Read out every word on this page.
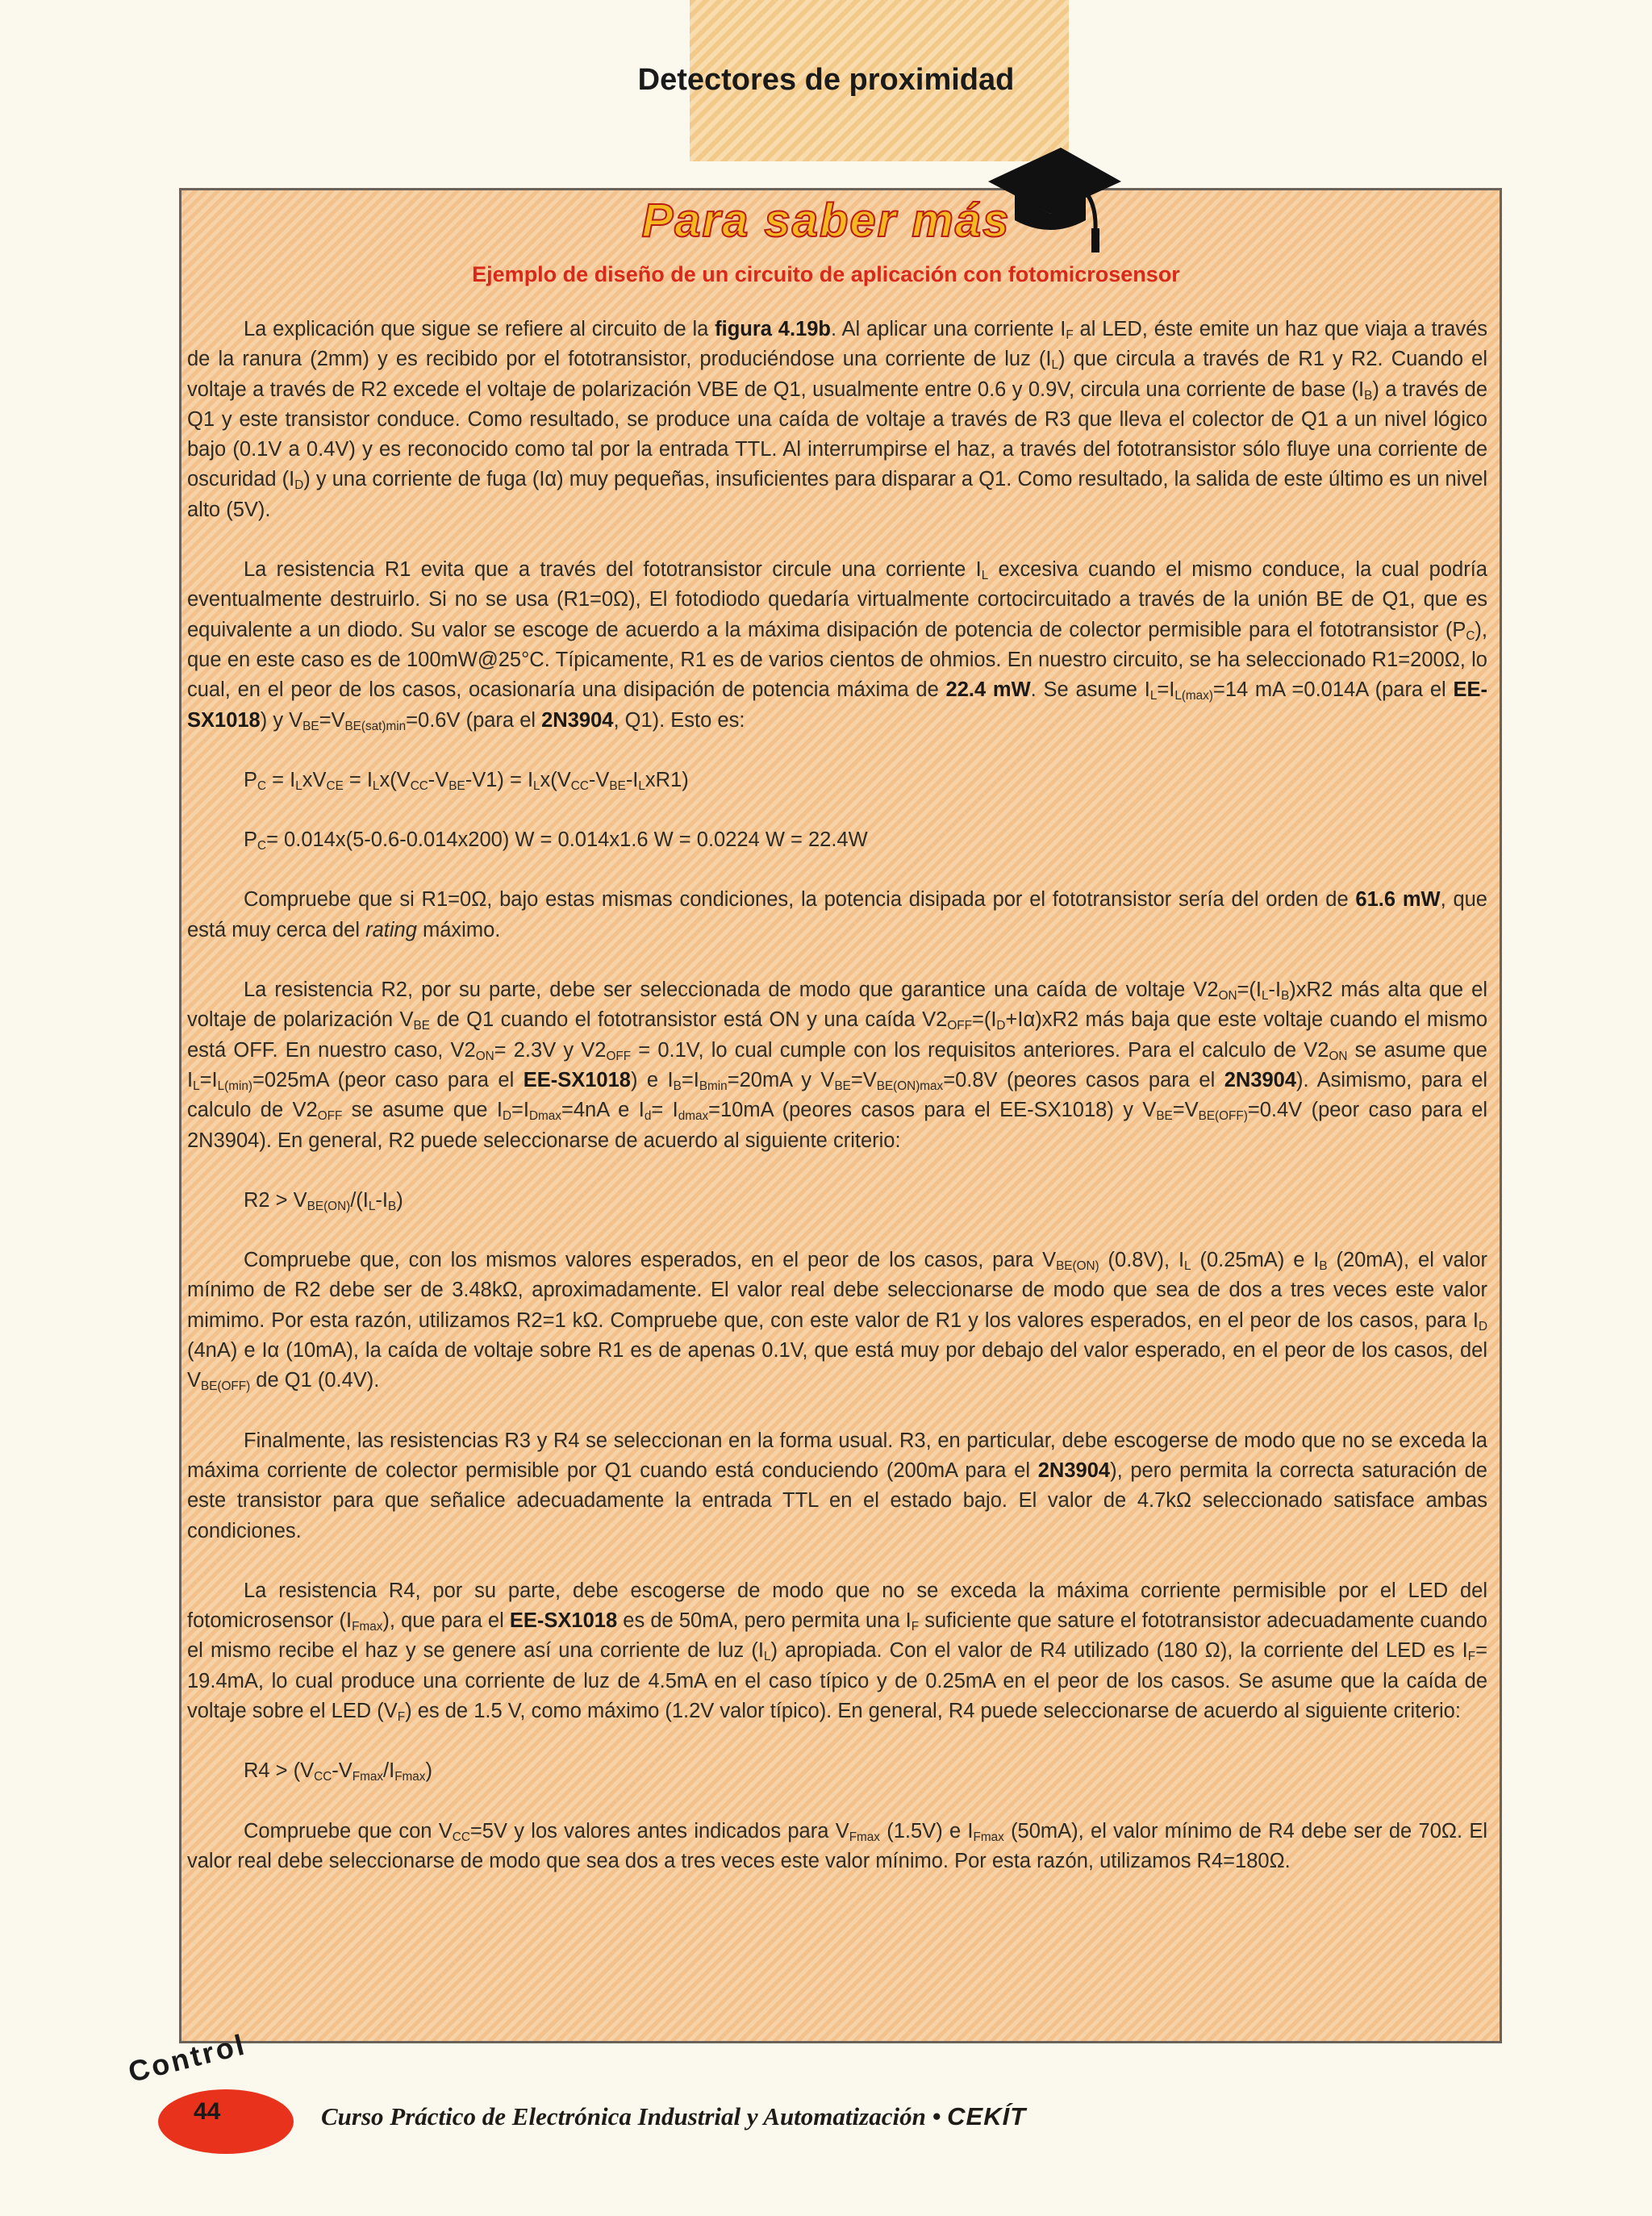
Detectores de proximidad
Para saber más
Ejemplo de diseño de un circuito de aplicación con fotomicrosensor

La explicación que sigue se refiere al circuito de la figura 4.19b. Al aplicar una corriente $I_F$ al LED, éste emite un haz que viaja a través de la ranura (2mm) y es recibido por el fototransistor, produciéndose una corriente de luz $(I_L)$ que circula a través de R1 y R2. Cuando el voltaje a través de R2 excede el voltaje de polarización VBE de Q1, usualmente entre 0.6 y 0.9V, circula una corriente de base $(I_B)$ a través de Q1 y este transistor conduce. Como resultado, se produce una caída de voltaje a través de R3 que lleva el colector de Q1 a un nivel lógico bajo (0.1V a 0.4V) y es reconocido como tal por la entrada TTL. Al interrumpirse el haz, a través del fototransistor sólo fluye una corriente de oscuridad $(I_D)$ y una corriente de fuga (Iα) muy pequeñas, insuficientes para disparar a Q1. Como resultado, la salida de este último es un nivel alto (5V).

La resistencia R1 evita que a través del fototransistor circule una corriente $I_L$ excesiva cuando el mismo conduce, la cual podría eventualmente destruirlo. Si no se usa (R1=0Ω), El fotodiodo quedaría virtualmente cortocircuitado a través de la unión BE de Q1, que es equivalente a un diodo. Su valor se escoge de acuerdo a la máxima disipación de potencia de colector permisible para el fototransistor $(P_C)$, que en este caso es de 100mW@25°C. Típicamente, R1 es de varios cientos de ohmios. En nuestro circuito, se ha seleccionado R1=200Ω, lo cual, en el peor de los casos, ocasionaría una disipación de potencia máxima de 22.4 mW. Se asume $I_L=I_{L(max)}=14$ mA =0.014A (para el EE-SX1018) y $V_{BE}=V_{BE(sat)min}=0.6V$ (para el 2N3904, Q1). Esto es:

$P_C = I_LxV_{CE} = I_Lx(V_{CC}-V_{BE}-V1) = I_Lx(V_{CC}-V_{BE}-I_LxR1)$
$P_C= 0.014x(5-0.6-0.014x200) W = 0.014x1.6$ W = 0.0224 W = 22.4W

Compruebe que si R1=0Ω, bajo estas mismas condiciones, la potencia disipada por el fototransistor sería del orden de 61.6 mW, que está muy cerca del rating máximo.

La resistencia R2, por su parte, debe ser seleccionada de modo que garantice una caída de voltaje $V2_{ON}=(I_L-I_B)xR2$ más alta que el voltaje de polarización $V_{BE}$ de Q1 cuando el fototransistor está ON y una caída $V2_{OFF}=(I_D+I\alpha)xR2$ más baja que este voltaje cuando el mismo está OFF. En nuestro caso, $V2_{ON}= 2.3V$ y $V2_{OFF} = 0.1V$, lo cual cumple con los requisitos anteriores. Para el calculo de $V2_{ON}$ se asume que $I_L=I_{L(min)}=025mA$ (peor caso para el EE-SX1018) e $I_B=I_{Bmin}=20mA$ y $V_{BE}=V_{BE(ON)max}=0.8V$ (peores casos para el 2N3904). Asimismo, para el calculo de $V2_{OFF}$ se asume que $I_D=I_{Dmax}=4nA$ e $I_d= I_{dmax}=10mA$ (peores casos para el EE-SX1018) y $V_{BE}=V_{BE(OFF)}=0.4V$ (peor caso para el 2N3904). En general, R2 puede seleccionarse de acuerdo al siguiente criterio:

$R2 > V_{BE(ON)}/(I_L-I_B)$

Compruebe que, con los mismos valores esperados, en el peor de los casos, para $V_{BE(ON)}$ (0.8V), $I_L$ (0.25mA) e $I_B$ (20mA), el valor mínimo de R2 debe ser de 3.48kΩ, aproximadamente. El valor real debe seleccionarse de modo que sea de dos a tres veces este valor mimimo. Por esta razón, utilizamos R2=1 kΩ. Compruebe que, con este valor de R1 y los valores esperados, en el peor de los casos, para $I_D$ (4nA) e Iα (10mA), la caída de voltaje sobre R1 es de apenas 0.1V, que está muy por debajo del valor esperado, en el peor de los casos, del $V_{BE(OFF)}$ de Q1 (0.4V).

Finalmente, las resistencias R3 y R4 se seleccionan en la forma usual. R3, en particular, debe escogerse de modo que no se exceda la máxima corriente de colector permisible por Q1 cuando está conduciendo (200mA para el 2N3904), pero permita la correcta saturación de este transistor para que señalice adecuadamente la entrada TTL en el estado bajo. El valor de 4.7kΩ seleccionado satisface ambas condiciones.

La resistencia R4, por su parte, debe escogerse de modo que no se exceda la máxima corriente permisible por el LED del fotomicrosensor $(I_{Fmax})$, que para el EE-SX1018 es de 50mA, pero permita una $I_F$ suficiente que sature el fototransistor adecuadamente cuando el mismo recibe el haz y se genere así una corriente de luz $(I_L)$ apropiada. Con el valor de R4 utilizado (180 Ω), la corriente del LED es $I_F= 19.4mA$, lo cual produce una corriente de luz de 4.5mA en el caso típico y de 0.25mA en el peor de los casos. Se asume que la caída de voltaje sobre el LED $(V_F)$ es de 1.5 V, como máximo (1.2V valor típico). En general, R4 puede seleccionarse de acuerdo al siguiente criterio:

$R4 > (V_{CC}-V_{Fmax}/I_{Fmax})$

Compruebe que con $V_{CC}=5V$ y los valores antes indicados para $V_{Fmax}$ (1.5V) e $I_{Fmax}$ (50mA), el valor mínimo de R4 debe ser de 70Ω. El valor real debe seleccionarse de modo que sea dos a tres veces este valor mínimo. Por esta razón, utilizamos R4=180Ω.

Control
44	Curso Práctico de Electrónica Industrial y Automatización • CEKÍT
